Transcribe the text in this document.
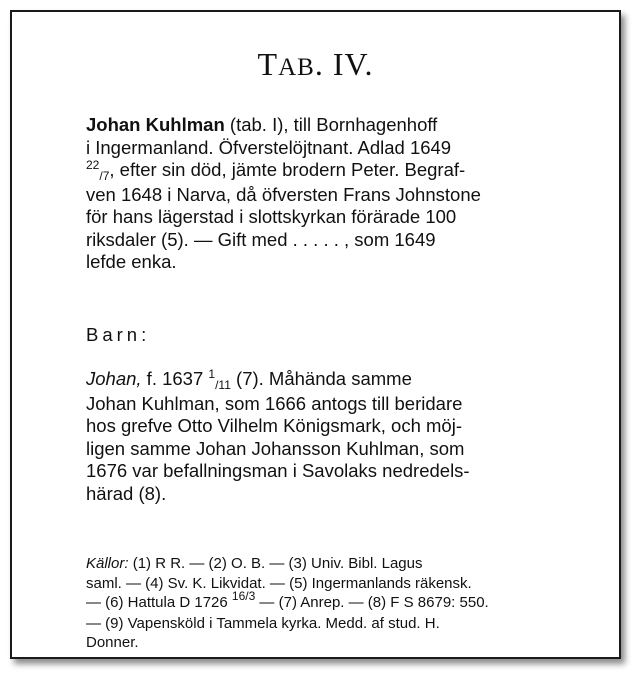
TAB. IV.
Johan Kuhlman (tab. I), till Bornhagenhoff
i Ingermanland. Öfverstelöjtnant. Adlad 1649
$^{22}_{/7}$, efter sin död, jämte brodern Peter. Begraf-
ven 1648 i Narva, då öfversten Frans Johnstone
för hans lägerstad i slottskyrkan förärade 100
riksdaler (5). — Gift med . . . . . , som 1649
lefde enka.
Barn:
Johan, f. 1637 $^1_{/11}$ (7). Måhända samme
Johan Kuhlman, som 1666 antogs till beridare
hos grefve Otto Vilhelm Königsmark, och möj-
ligen samme Johan Johansson Kuhlman, som
1676 var befallningsman i Savolaks nedredels-
härad (8).
Källor: (1) R R. — (2) O. B. — (3) Univ. Bibl. Lagus
saml. — (4) Sv. K. Likvidat. — (5) Ingermanlands räkensk.
— (6) Hattula D 1726 $^{16/3}$ — (7) Anrep. — (8) F S 8679: 550.
— (9) Vapensköld i Tammela kyrka. Medd. af stud. H.
Donner.
